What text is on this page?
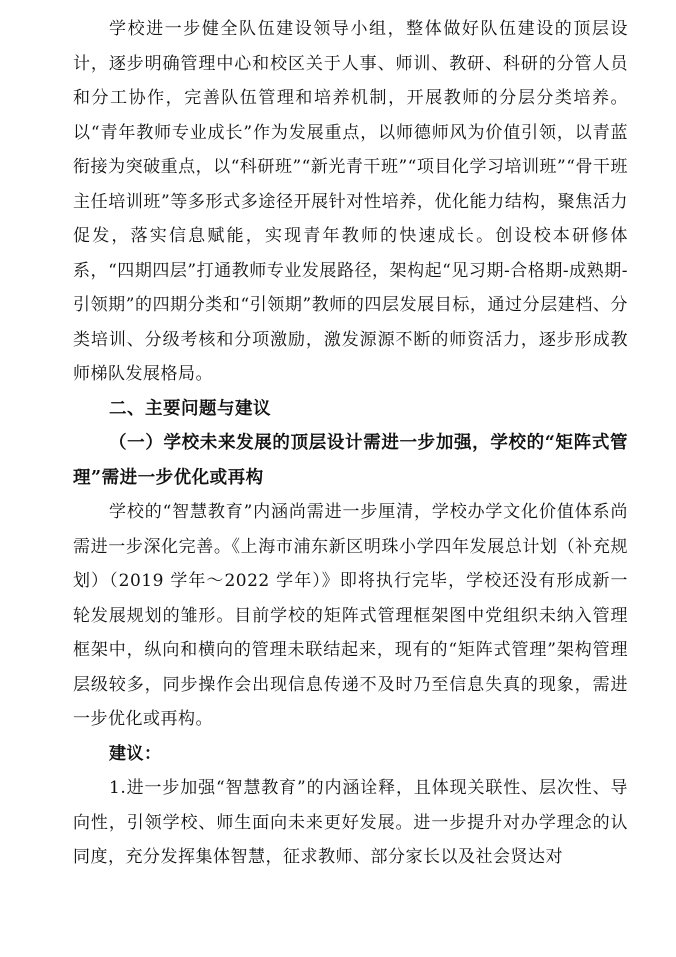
学校进一步健全队伍建设领导小组，整体做好队伍建设的顶层设计，逐步明确管理中心和校区关于人事、师训、教研、科研的分管人员和分工协作，完善队伍管理和培养机制，开展教师的分层分类培养。以“青年教师专业成长”作为发展重点，以师德师风为价值引领，以青蓝衔接为突破重点，以“科研班”“新光青干班”“项目化学习培训班”“骨干班主任培训班”等多形式多途径开展针对性培养，优化能力结构，聚焦活力促发，落实信息赋能，实现青年教师的快速成长。创设校本研修体系，“四期四层”打通教师专业发展路径，架构起“见习期-合格期-成熟期-引领期”的四期分类和“引领期”教师的四层发展目标，通过分层建档、分类培训、分级考核和分项激励，激发源源不断的师资活力，逐步形成教师梯队发展格局。

二、主要问题与建议

（一）学校未来发展的顶层设计需进一步加强，学校的“矩阵式管理”需进一步优化或再构

学校的“智慧教育”内涵尚需进一步厘清，学校办学文化价值体系尚需进一步深化完善。《上海市浦东新区明珠小学四年发展总计划（补充规划）（2019 学年～2022 学年）》即将执行完毕，学校还没有形成新一轮发展规划的雏形。目前学校的矩阵式管理框架图中党组织未纳入管理框架中，纵向和横向的管理未联结起来，现有的“矩阵式管理”架构管理层级较多，同步操作会出现信息传递不及时乃至信息失真的现象，需进一步优化或再构。

建议：

1.进一步加强“智慧教育”的内涵诠释，且体现关联性、层次性、导向性，引领学校、师生面向未来更好发展。进一步提升对办学理念的认同度，充分发挥集体智慧，征求教师、部分家长以及社会贤达对
